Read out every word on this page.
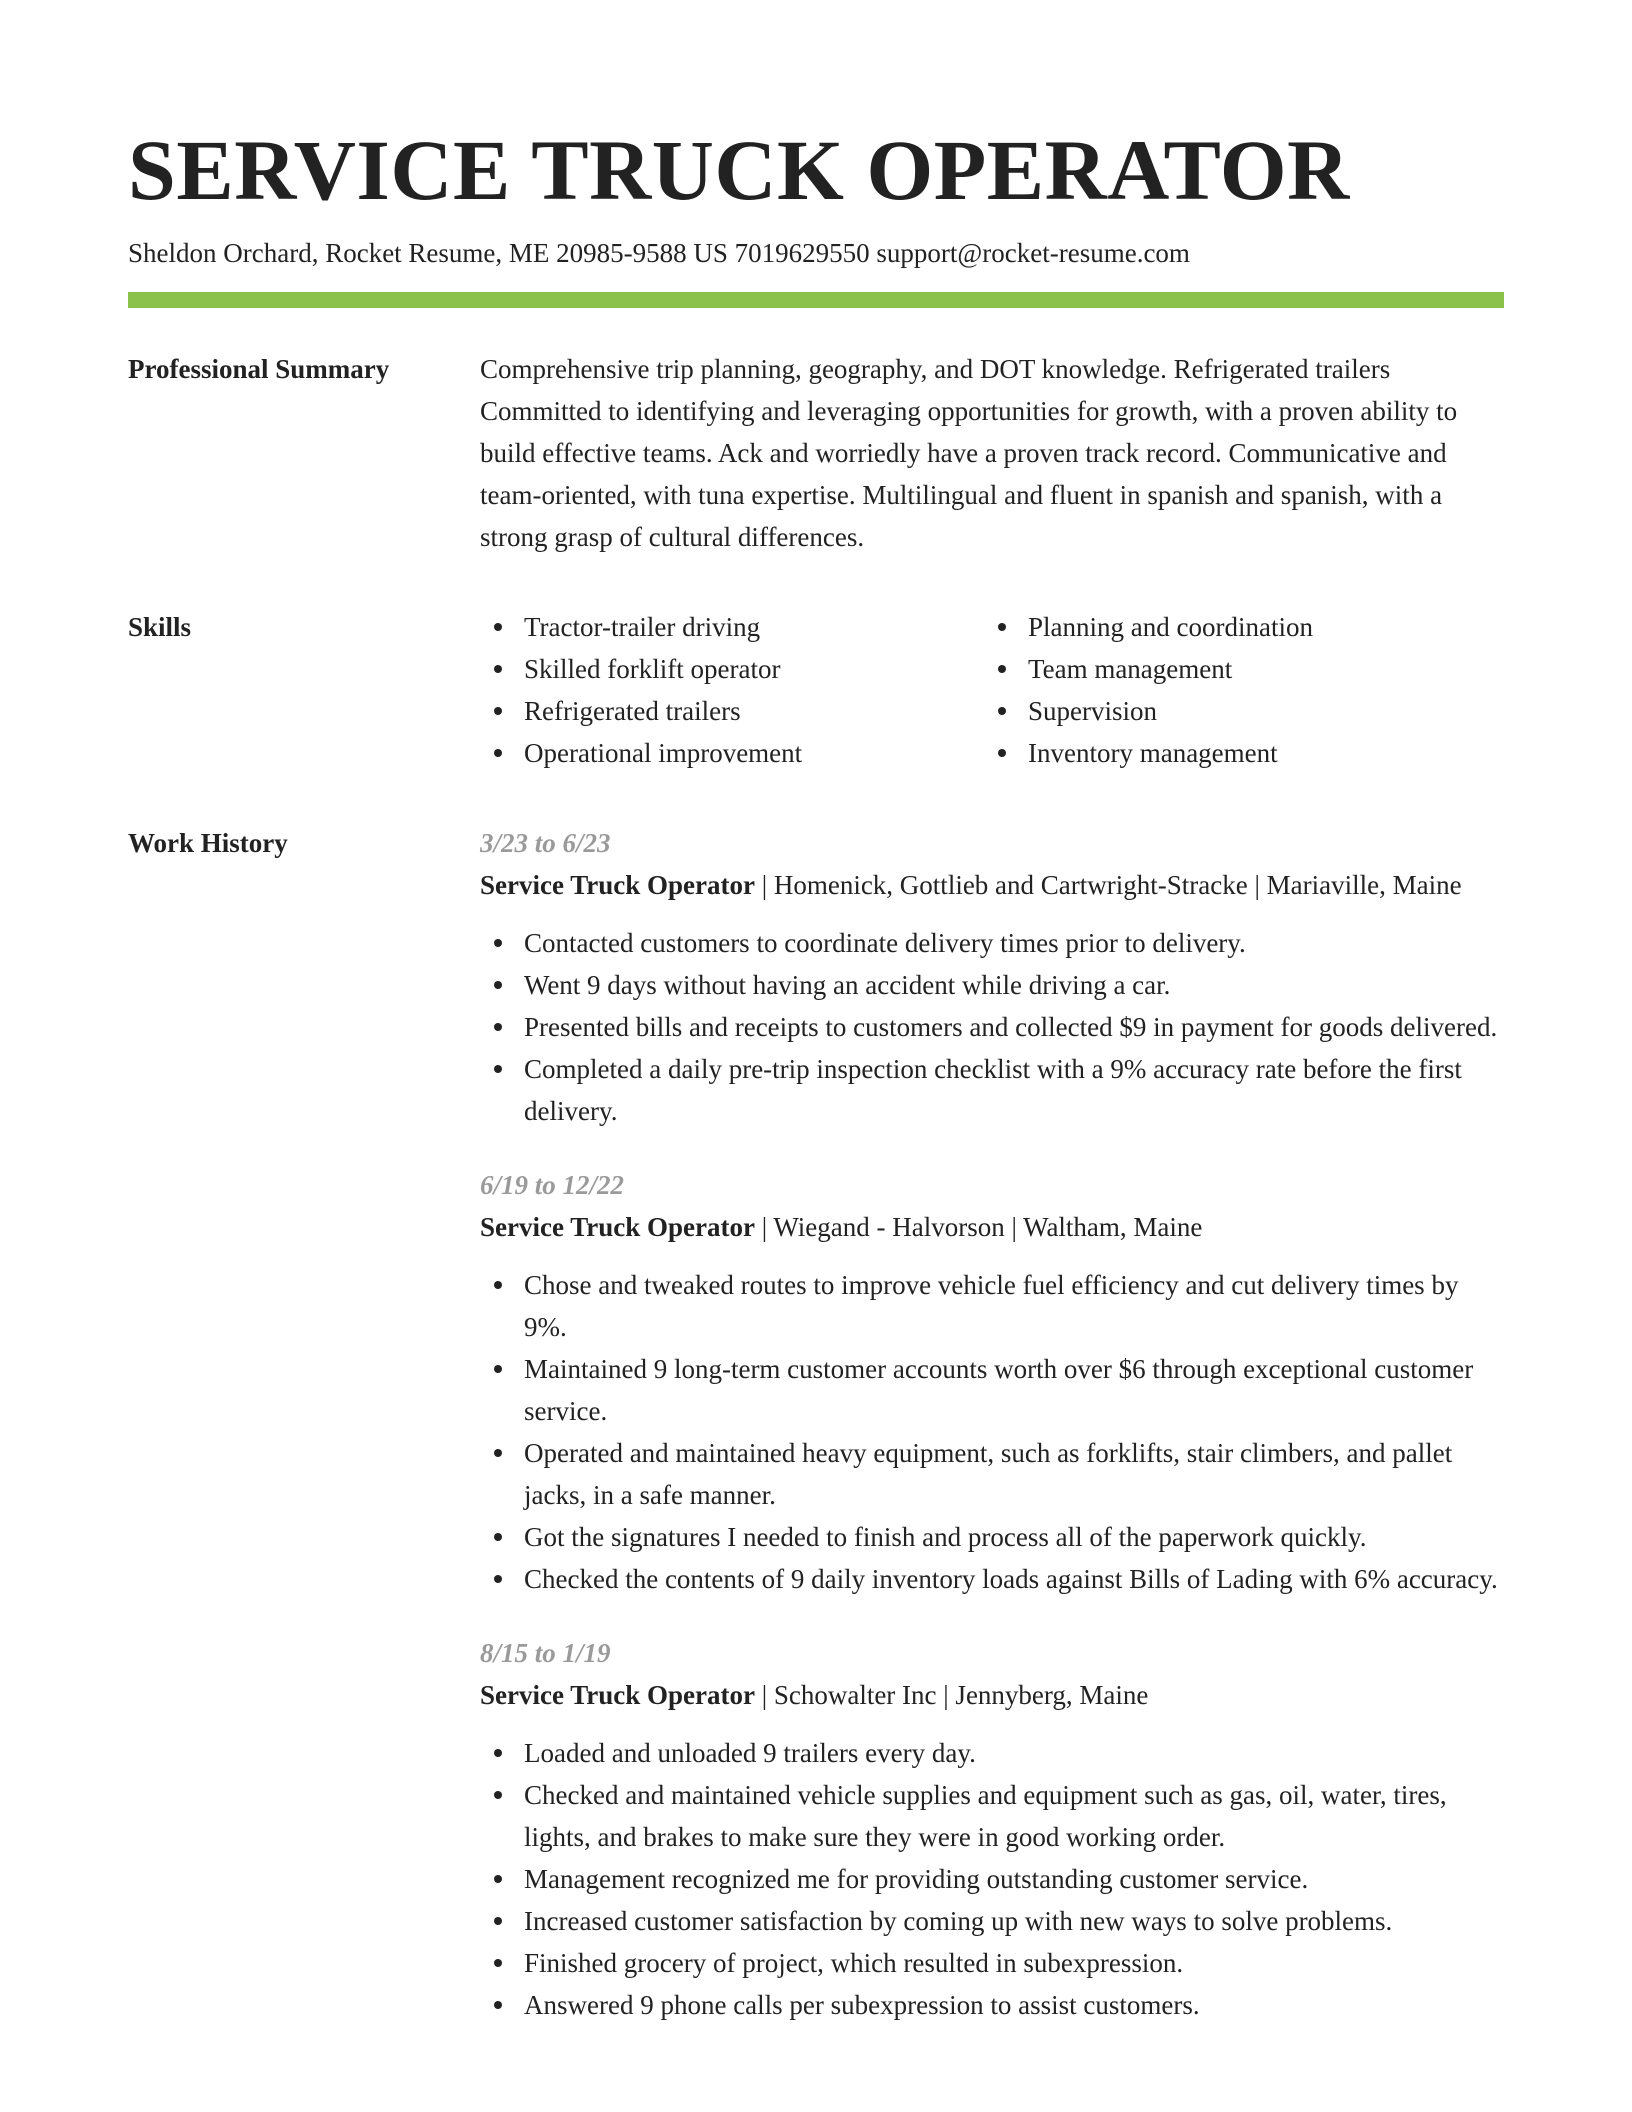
SERVICE TRUCK OPERATOR
Sheldon Orchard, Rocket Resume, ME 20985-9588 US 7019629550 support@rocket-resume.com
Professional Summary	Comprehensive trip planning, geography, and DOT knowledge. Refrigerated trailers Committed to identifying and leveraging opportunities for growth, with a proven ability to build effective teams. Ack and worriedly have a proven track record. Communicative and team-oriented, with tuna expertise. Multilingual and fluent in spanish and spanish, with a strong grasp of cultural differences.

Skills	Tractor-trailer driving
Skilled forklift operator
Refrigerated trailers
Operational improvement
Planning and coordination
Team management
Supervision
Inventory management
Work History	3/23 to 6/23
Service Truck Operator | Homenick, Gottlieb and Cartwright-Stracke | Mariaville, Maine
Contacted customers to coordinate delivery times prior to delivery.
Went 9 days without having an accident while driving a car.
Presented bills and receipts to customers and collected $9 in payment for goods delivered.
Completed a daily pre-trip inspection checklist with a 9% accuracy rate before the first delivery.
6/19 to 12/22
Service Truck Operator | Wiegand - Halvorson | Waltham, Maine
Chose and tweaked routes to improve vehicle fuel efficiency and cut delivery times by 9%.
Maintained 9 long-term customer accounts worth over $6 through exceptional customer service.
Operated and maintained heavy equipment, such as forklifts, stair climbers, and pallet jacks, in a safe manner.
Got the signatures I needed to finish and process all of the paperwork quickly.
Checked the contents of 9 daily inventory loads against Bills of Lading with 6% accuracy.
8/15 to 1/19
Service Truck Operator | Schowalter Inc | Jennyberg, Maine
Loaded and unloaded 9 trailers every day.
Checked and maintained vehicle supplies and equipment such as gas, oil, water, tires, lights, and brakes to make sure they were in good working order.
Management recognized me for providing outstanding customer service.
Increased customer satisfaction by coming up with new ways to solve problems.
Finished grocery of project, which resulted in subexpression.
Answered 9 phone calls per subexpression to assist customers.
